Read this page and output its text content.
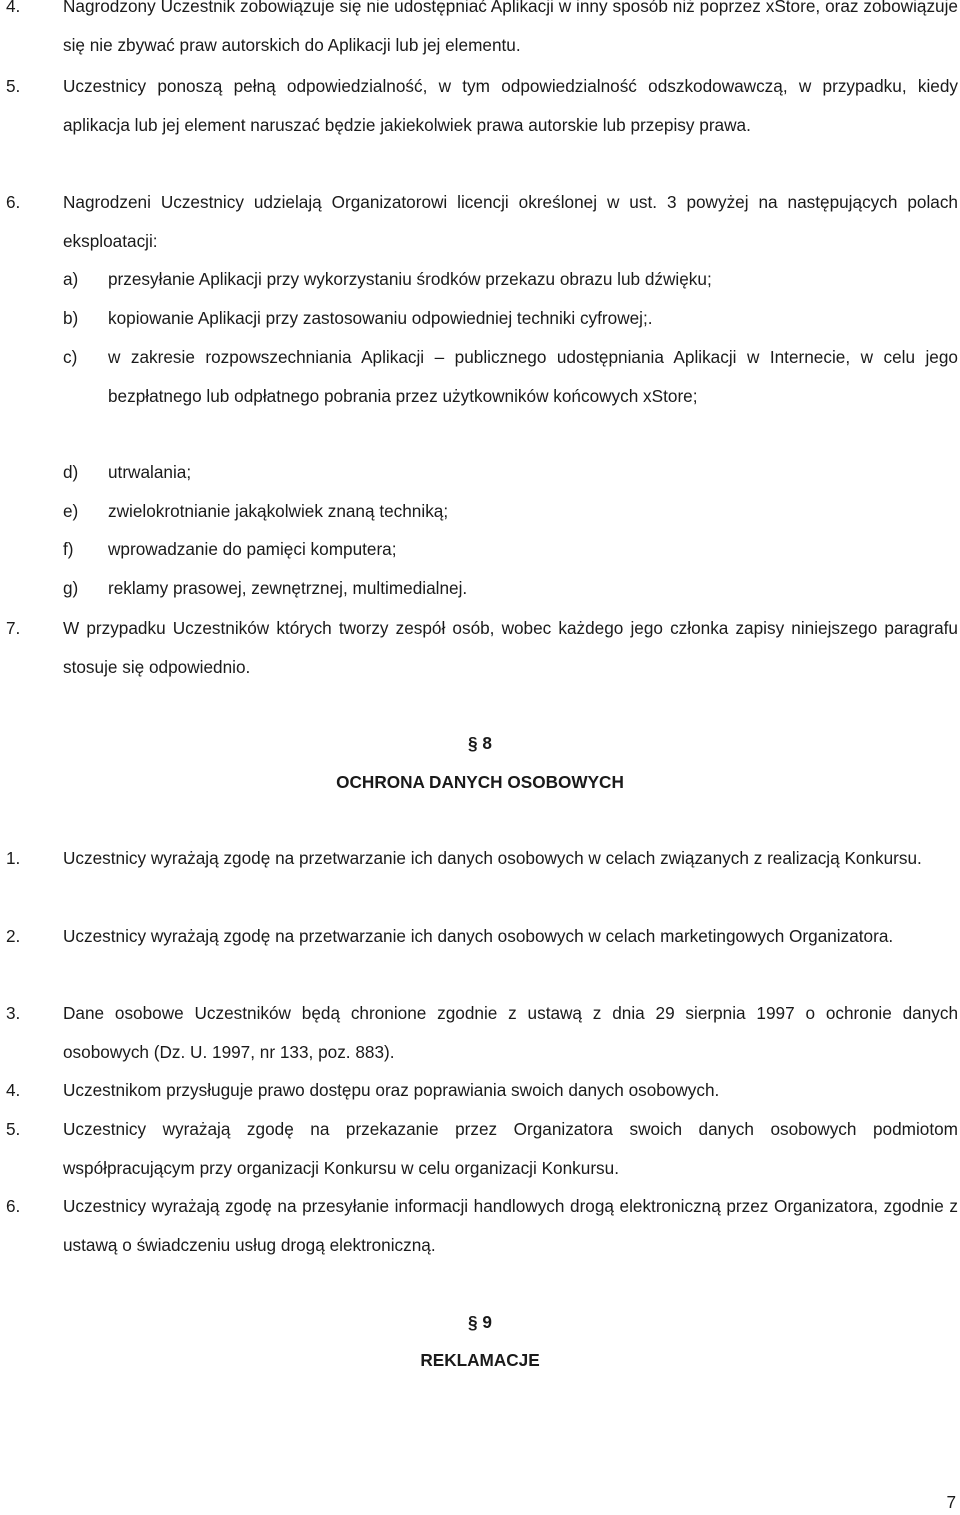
4. Nagrodzony Uczestnik zobowiązuje się nie udostępniać Aplikacji w inny sposób niż poprzez xStore, oraz zobowiązuje się nie zbywać praw autorskich do Aplikacji lub jej elementu.
5. Uczestnicy ponoszą pełną odpowiedzialność, w tym odpowiedzialność odszkodowawczą, w przypadku, kiedy aplikacja lub jej element naruszać będzie jakiekolwiek prawa autorskie lub przepisy prawa.
6. Nagrodzeni Uczestnicy udzielają Organizatorowi licencji określonej w ust. 3 powyżej na następujących polach eksploatacji:
a) przesyłanie Aplikacji przy wykorzystaniu środków przekazu obrazu lub dźwięku;
b) kopiowanie Aplikacji przy zastosowaniu odpowiedniej techniki cyfrowej;.
c) w zakresie rozpowszechniania Aplikacji – publicznego udostępniania Aplikacji w Internecie, w celu jego bezpłatnego lub odpłatnego pobrania przez użytkowników końcowych xStore;
d) utrwalania;
e) zwielokrotnianie jakąkolwiek znaną techniką;
f) wprowadzanie do pamięci komputera;
g) reklamy prasowej, zewnętrznej, multimedialnej.
7. W przypadku Uczestników których tworzy zespół osób, wobec każdego jego członka zapisy niniejszego paragrafu stosuje się odpowiednio.
§ 8
OCHRONA DANYCH OSOBOWYCH
1. Uczestnicy wyrażają zgodę na przetwarzanie ich danych osobowych w celach związanych z realizacją Konkursu.
2. Uczestnicy wyrażają zgodę na przetwarzanie ich danych osobowych w celach marketingowych Organizatora.
3. Dane osobowe Uczestników będą chronione zgodnie z ustawą z dnia 29 sierpnia 1997 o ochronie danych osobowych (Dz. U. 1997, nr 133, poz. 883).
4. Uczestnikom przysługuje prawo dostępu oraz poprawiania swoich danych osobowych.
5. Uczestnicy wyrażają zgodę na przekazanie przez Organizatora swoich danych osobowych podmiotom współpracującym przy organizacji Konkursu w celu organizacji Konkursu.
6. Uczestnicy wyrażają zgodę na przesyłanie informacji handlowych drogą elektroniczną przez Organizatora, zgodnie z ustawą o świadczeniu usług drogą elektroniczną.
§ 9
REKLAMACJE
7
